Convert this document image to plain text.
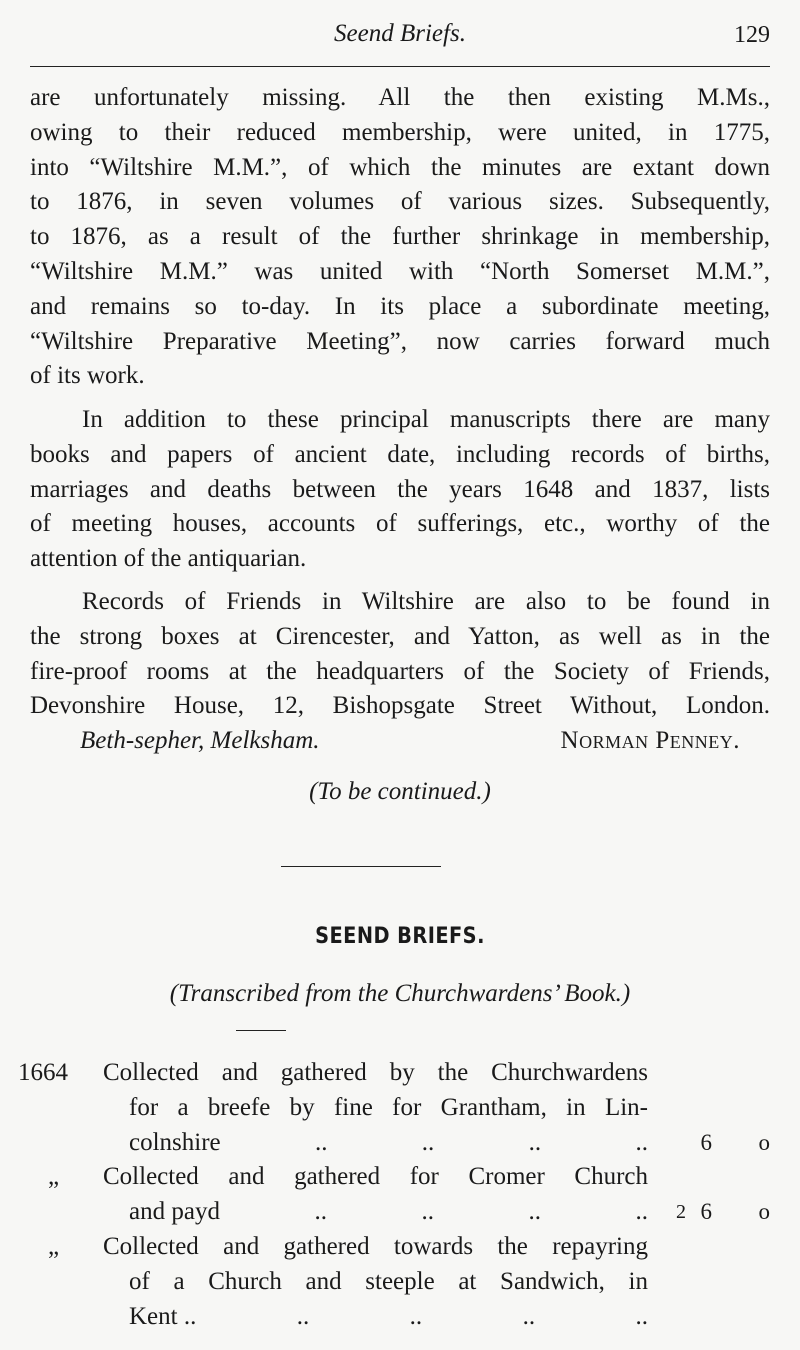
Seend Briefs.	129
are unfortunately missing. All the then existing M.Ms.,
owing to their reduced membership, were united, in 1775,
into “Wiltshire M.M.”, of which the minutes are extant down
to 1876, in seven volumes of various sizes. Subsequently,
to 1876, as a result of the further shrinkage in membership,
“Wiltshire M.M.” was united with “North Somerset M.M.”,
and remains so to-day. In its place a subordinate meeting,
“Wiltshire Preparative Meeting”, now carries forward much
of its work.
In addition to these principal manuscripts there are many
books and papers of ancient date, including records of births,
marriages and deaths between the years 1648 and 1837, lists
of meeting houses, accounts of sufferings, etc., worthy of the
attention of the antiquarian.
Records of Friends in Wiltshire are also to be found in
the strong boxes at Cirencester, and Yatton, as well as in the
fire-proof rooms at the headquarters of the Society of Friends,
Devonshire House, 12, Bishopsgate Street Without, London.
Beth-sepher, Melksham.	Norman Penney.
(To be continued.)
SEEND BRIEFS.
(Transcribed from the Churchwardens’ Book.)
1664 Collected and gathered by the Churchwardens
for a breefe by fine for Grantham, in Lin-
colnshire	..	..	..	.. 6 o
„ Collected and gathered for Cromer Church
and payd	..	..	..	.. 2 6 o
„ Collected and gathered towards the repayring
of a Church and steeple at Sandwich, in
Kent ..	..	..	..	..
